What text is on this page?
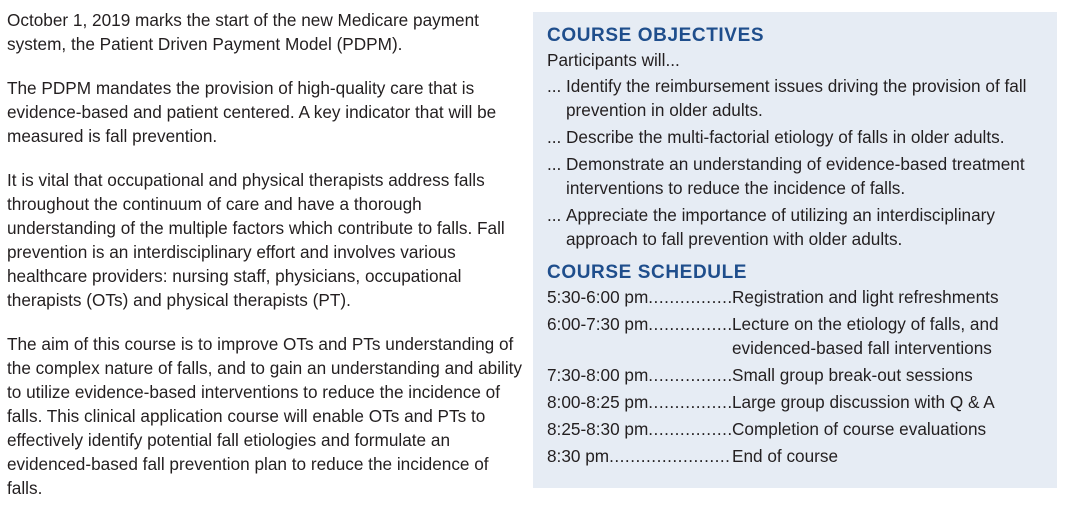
October 1, 2019 marks the start of the new Medicare payment system, the Patient Driven Payment Model (PDPM).

The PDPM mandates the provision of high-quality care that is evidence-based and patient centered. A key indicator that will be measured is fall prevention.

It is vital that occupational and physical therapists address falls throughout the continuum of care and have a thorough understanding of the multiple factors which contribute to falls. Fall prevention is an interdisciplinary effort and involves various healthcare providers: nursing staff, physicians, occupational therapists (OTs) and physical therapists (PT).

The aim of this course is to improve OTs and PTs understanding of the complex nature of falls, and to gain an understanding and ability to utilize evidence-based interventions to reduce the incidence of falls. This clinical application course will enable OTs and PTs to effectively identify potential fall etiologies and formulate an evidenced-based fall prevention plan to reduce the incidence of falls.

COURSE OBJECTIVES
Participants will...
... Identify the reimbursement issues driving the provision of fall prevention in older adults.
... Describe the multi-factorial etiology of falls in older adults.
... Demonstrate an understanding of evidence-based treatment interventions to reduce the incidence of falls.
... Appreciate the importance of utilizing an interdisciplinary approach to fall prevention with older adults.
COURSE SCHEDULE
5:30-6:00 pm .....	Registration and light refreshments
6:00-7:30 pm .....	Lecture on the etiology of falls, and evidenced-based fall interventions
7:30-8:00 pm .....	Small group break-out sessions
8:00-8:25 pm .....	Large group discussion with Q & A
8:25-8:30 pm .....	Completion of course evaluations
8:30 pm .....	End of course
